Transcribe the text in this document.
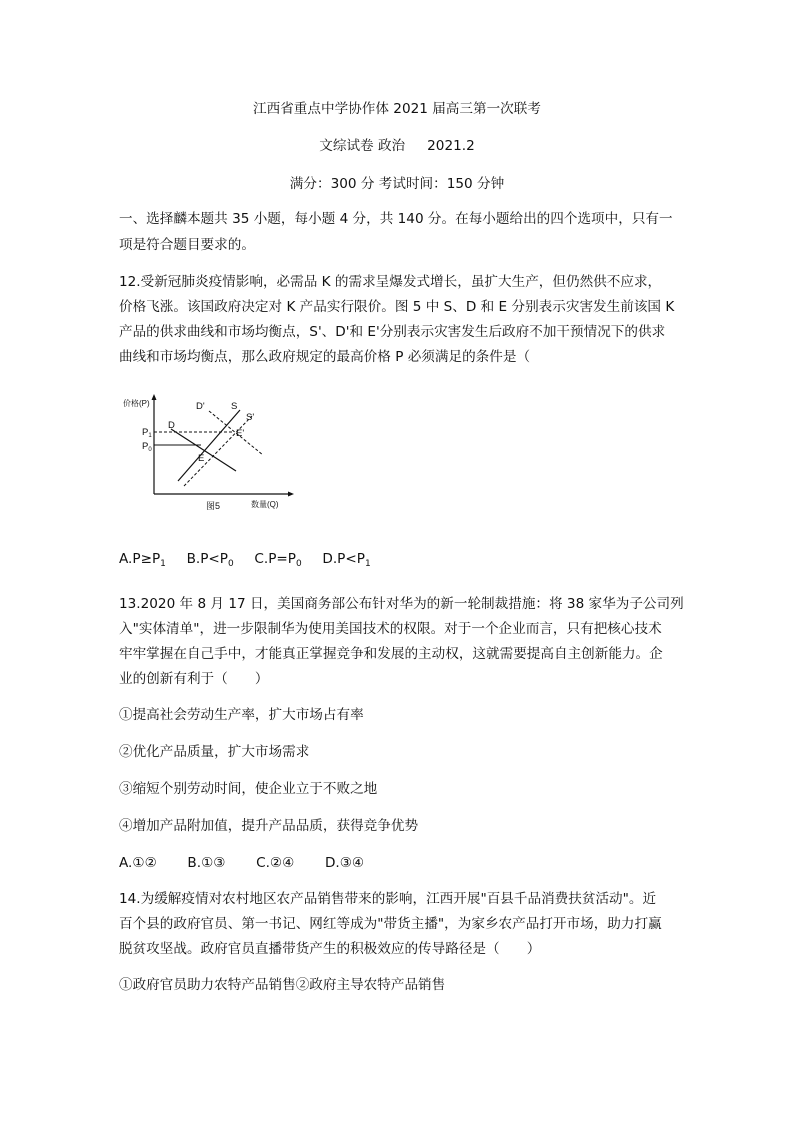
江西省重点中学协作体 2021 届高三第一次联考
文综试卷 政治 2021.2
满分：300 分 考试时间：150 分钟
一、选择麟本题共 35 小题，每小题 4 分，共 140 分。在每小题给出的四个选项中，只有一
项是符合题目要求的。
12.受新冠肺炎疫情影响，必需品 K 的需求呈爆发式增长，虽扩大生产，但仍然供不应求，
价格飞涨。该国政府决定对 K 产品实行限价。图 5 中 S、D 和 E 分别表示灾害发生前该国 K
产品的供求曲线和市场均衡点，S'、D'和 E'分别表示灾害发生后政府不加干预情况下的供求
曲线和市场均衡点，那么政府规定的最高价格 P 必须满足的条件是（
价格(P)	D'	S
S'
D
E'
E
$P_1$
$P_0$
图5	数量(Q)
A.P≥P1 B.P<P0 C.P=P0 D.P<P1
13.2020 年 8 月 17 日，美国商务部公布针对华为的新一轮制裁措施：将 38 家华为子公司列
入"实体清单"，进一步限制华为使用美国技术的权限。对于一个企业而言，只有把核心技术
牢牢掌握在自己手中，才能真正掌握竞争和发展的主动权，这就需要提高自主创新能力。企
业的创新有利于（　　）
①提高社会劳动生产率，扩大市场占有率
②优化产品质量，扩大市场需求
③缩短个别劳动时间，使企业立于不败之地
④增加产品附加值，提升产品品质，获得竞争优势
A.①② B.①③ C.②④ D.③④
14.为缓解疫情对农村地区农产品销售带来的影响，江西开展"百县千品消费扶贫活动"。近
百个县的政府官员、第一书记、网红等成为"带货主播"，为家乡农产品打开市场，助力打赢
脱贫攻坚战。政府官员直播带货产生的积极效应的传导路径是（　　）
①政府官员助力农特产品销售②政府主导农特产品销售
